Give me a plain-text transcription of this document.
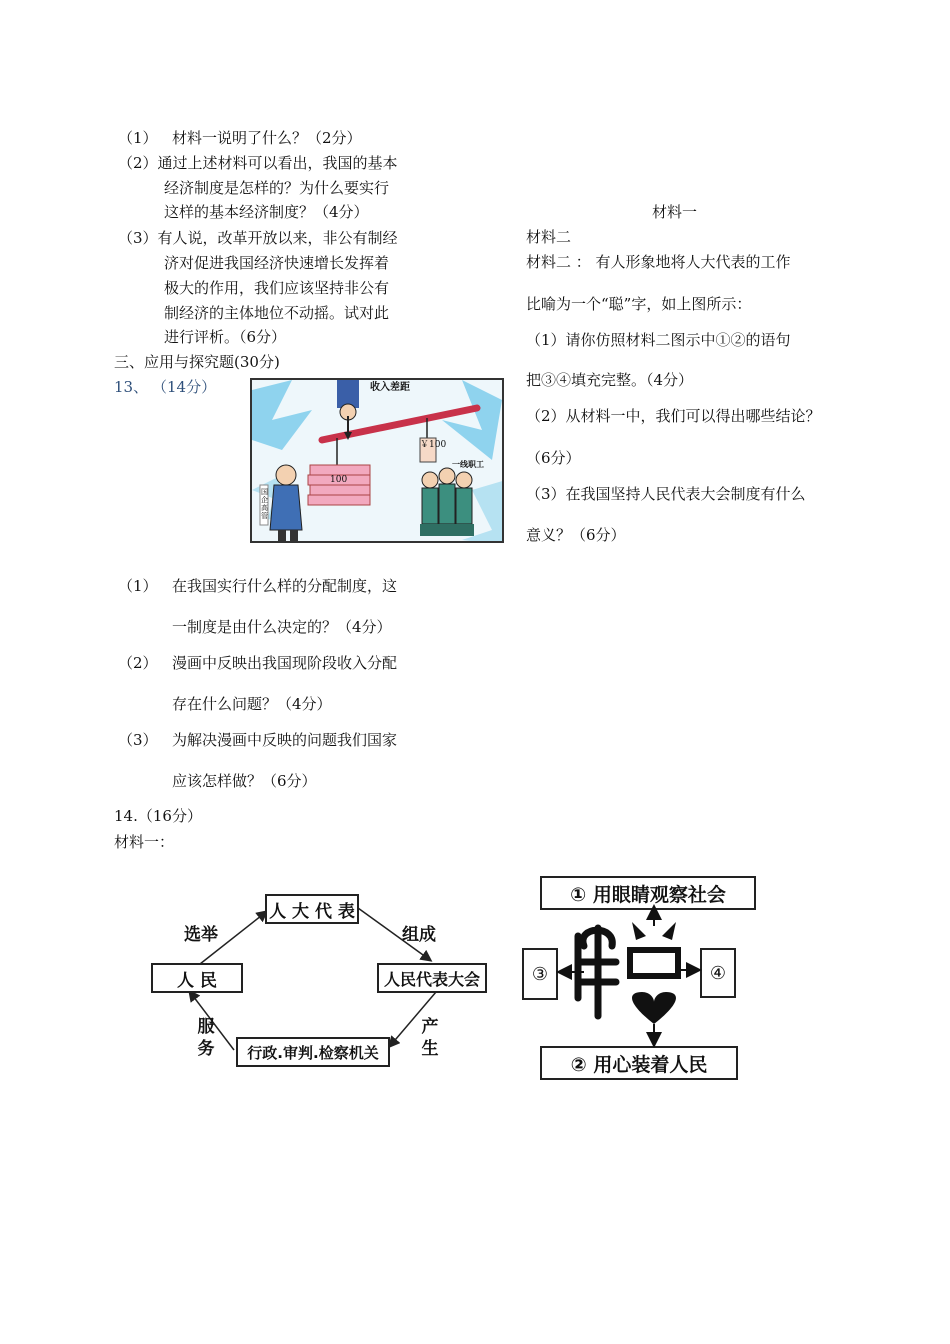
（1） 材料一说明了什么？（2分）
（2）通过上述材料可以看出，我国的基本
经济制度是怎样的？为什么要实行
这样的基本经济制度？（4分）
（3）有人说，改革开放以来，非公有制经
济对促进我国经济快速增长发挥着
极大的作用，我们应该坚持非公有
制经济的主体地位不动摇。试对此
进行评析。（6分）
三、应用与探究题(30分)
13、 （14分）	收入差距
￥100
100
国企高管
一线职工
（1） 在我国实行什么样的分配制度，这
一制度是由什么决定的？（4分）
（2） 漫画中反映出我国现阶段收入分配
存在什么问题？（4分）
（3） 为解决漫画中反映的问题我们国家
应该怎样做？（6分）
14.（16分）
材料一：
人 大 代 表
人 民	人民代表大会
行政.审判.检察机关
选举	组成
服
务
产
生
① 用眼睛观察社会
② 用心装着人民
③	④
材料一
材料二
材料二 ： 有人形象地将人大代表的工作
比喻为一个“聪”字，如上图所示：
（1）请你仿照材料二图示中①②的语句
把③④填充完整。（4分）
（2）从材料一中，我们可以得出哪些结论？
（6分）
（3）在我国坚持人民代表大会制度有什么
意义？（6分）
